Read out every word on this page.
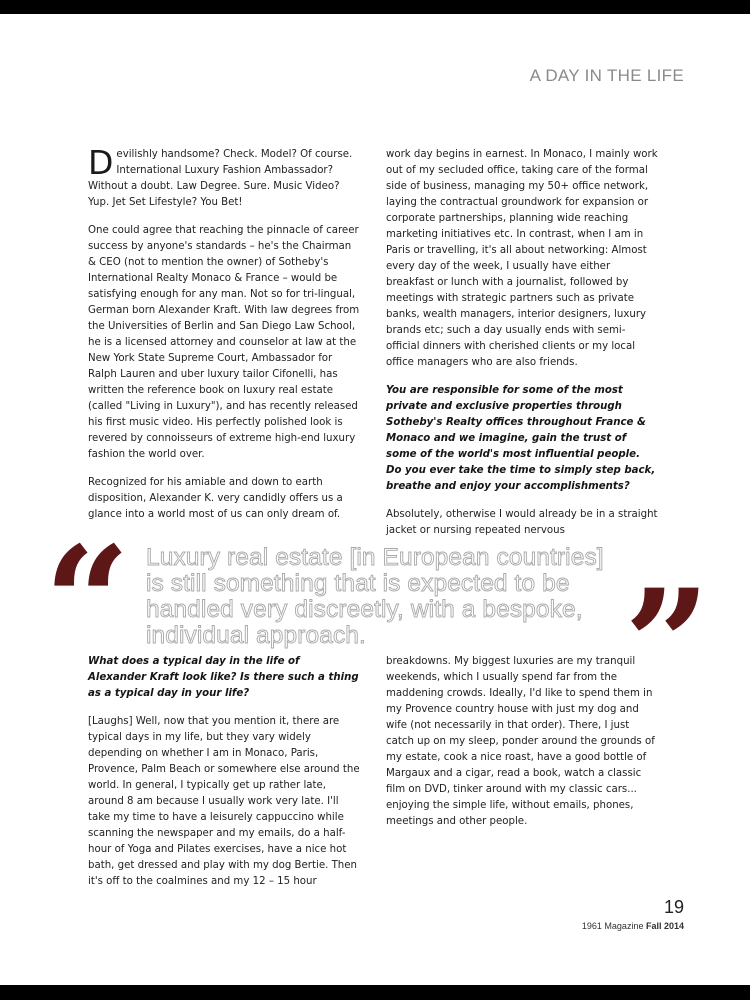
A DAY IN THE LIFE

Devilishly handsome? Check. Model? Of course. International Luxury Fashion Ambassador? Without a doubt. Law Degree. Sure. Music Video? Yup. Jet Set Lifestyle? You Bet!

One could agree that reaching the pinnacle of career success by anyone's standards – he's the Chairman & CEO (not to mention the owner) of Sotheby's International Realty Monaco & France – would be satisfying enough for any man. Not so for tri-lingual, German born Alexander Kraft. With law degrees from the Universities of Berlin and San Diego Law School, he is a licensed attorney and counselor at law at the New York State Supreme Court, Ambassador for Ralph Lauren and uber luxury tailor Cifonelli, has written the reference book on luxury real estate (called "Living in Luxury"), and has recently released his first music video. His perfectly polished look is revered by connoisseurs of extreme high-end luxury fashion the world over.

Recognized for his amiable and down to earth disposition, Alexander K. very candidly offers us a glance into a world most of us can only dream of.

work day begins in earnest. In Monaco, I mainly work out of my secluded office, taking care of the formal side of business, managing my 50+ office network, laying the contractual groundwork for expansion or corporate partnerships, planning wide reaching marketing initiatives etc. In contrast, when I am in Paris or travelling, it's all about networking: Almost every day of the week, I usually have either breakfast or lunch with a journalist, followed by meetings with strategic partners such as private banks, wealth managers, interior designers, luxury brands etc; such a day usually ends with semi-official dinners with cherished clients or my local office managers who are also friends.

You are responsible for some of the most private and exclusive properties through Sotheby's Realty offices throughout France & Monaco and we imagine, gain the trust of some of the world's most influential people. Do you ever take the time to simply step back, breathe and enjoy your accomplishments?

Absolutely, otherwise I would already be in a straight jacket or nursing repeated nervous

“ Luxury real estate [in European countries] is still something that is expected to be handled very discreetly, with a bespoke, individual approach.	”

What does a typical day in the life of Alexander Kraft look like? Is there such a thing as a typical day in your life?

[Laughs] Well, now that you mention it, there are typical days in my life, but they vary widely depending on whether I am in Monaco, Paris, Provence, Palm Beach or somewhere else around the world. In general, I typically get up rather late, around 8 am because I usually work very late. I'll take my time to have a leisurely cappuccino while scanning the newspaper and my emails, do a half-hour of Yoga and Pilates exercises, have a nice hot bath, get dressed and play with my dog Bertie. Then it's off to the coalmines and my 12 – 15 hour

breakdowns. My biggest luxuries are my tranquil weekends, which I usually spend far from the maddening crowds. Ideally, I'd like to spend them in my Provence country house with just my dog and wife (not necessarily in that order). There, I just catch up on my sleep, ponder around the grounds of my estate, cook a nice roast, have a good bottle of Margaux and a cigar, read a book, watch a classic film on DVD, tinker around with my classic cars... enjoying the simple life, without emails, phones, meetings and other people.

19
1961 Magazine Fall 2014
